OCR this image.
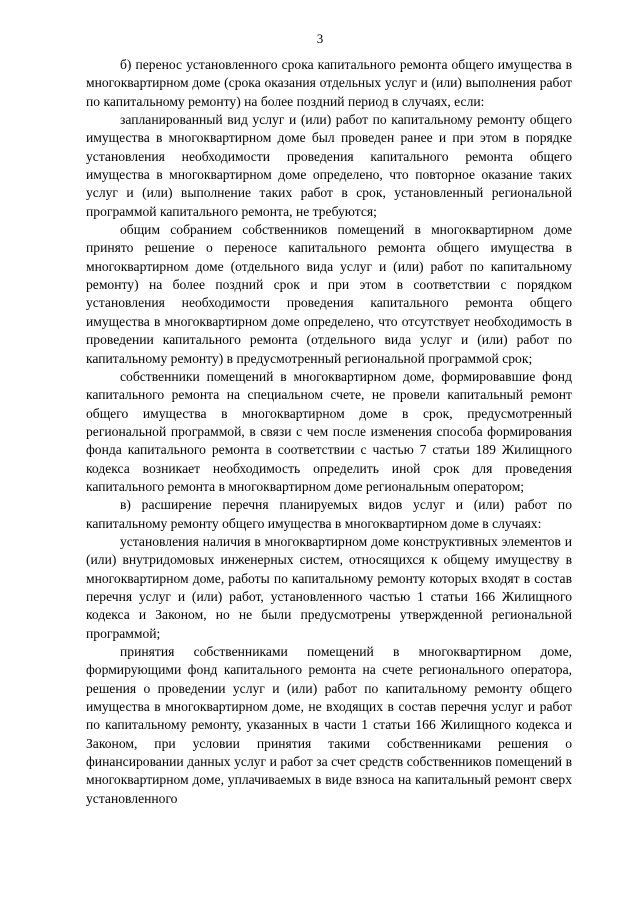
3

б) перенос установленного срока капитального ремонта общего имущества в многоквартирном доме (срока оказания отдельных услуг и (или) выполнения работ по капитальному ремонту) на более поздний период в случаях, если:

запланированный вид услуг и (или) работ по капитальному ремонту общего имущества в многоквартирном доме был проведен ранее и при этом в порядке установления необходимости проведения капитального ремонта общего имущества в многоквартирном доме определено, что повторное оказание таких услуг и (или) выполнение таких работ в срок, установленный региональной программой капитального ремонта, не требуются;

общим собранием собственников помещений в многоквартирном доме принято решение о переносе капитального ремонта общего имущества в многоквартирном доме (отдельного вида услуг и (или) работ по капитальному ремонту) на более поздний срок и при этом в соответствии с порядком установления необходимости проведения капитального ремонта общего имущества в многоквартирном доме определено, что отсутствует необходимость в проведении капитального ремонта (отдельного вида услуг и (или) работ по капитальному ремонту) в предусмотренный региональной программой срок;

собственники помещений в многоквартирном доме, формировавшие фонд капитального ремонта на специальном счете, не провели капитальный ремонт общего имущества в многоквартирном доме в срок, предусмотренный региональной программой, в связи с чем после изменения способа формирования фонда капитального ремонта в соответствии с частью 7 статьи 189 Жилищного кодекса возникает необходимость определить иной срок для проведения капитального ремонта в многоквартирном доме региональным оператором;

в) расширение перечня планируемых видов услуг и (или) работ по капитальному ремонту общего имущества в многоквартирном доме в случаях:

установления наличия в многоквартирном доме конструктивных элементов и (или) внутридомовых инженерных систем, относящихся к общему имуществу в многоквартирном доме, работы по капитальному ремонту которых входят в состав перечня услуг и (или) работ, установленного частью 1 статьи 166 Жилищного кодекса и Законом, но не были предусмотрены утвержденной региональной программой;

принятия собственниками помещений в многоквартирном доме, формирующими фонд капитального ремонта на счете регионального оператора, решения о проведении услуг и (или) работ по капитальному ремонту общего имущества в многоквартирном доме, не входящих в состав перечня услуг и работ по капитальному ремонту, указанных в части 1 статьи 166 Жилищного кодекса и Законом, при условии принятия такими собственниками решения о финансировании данных услуг и работ за счет средств собственников помещений в многоквартирном доме, уплачиваемых в виде взноса на капитальный ремонт сверх установленного
